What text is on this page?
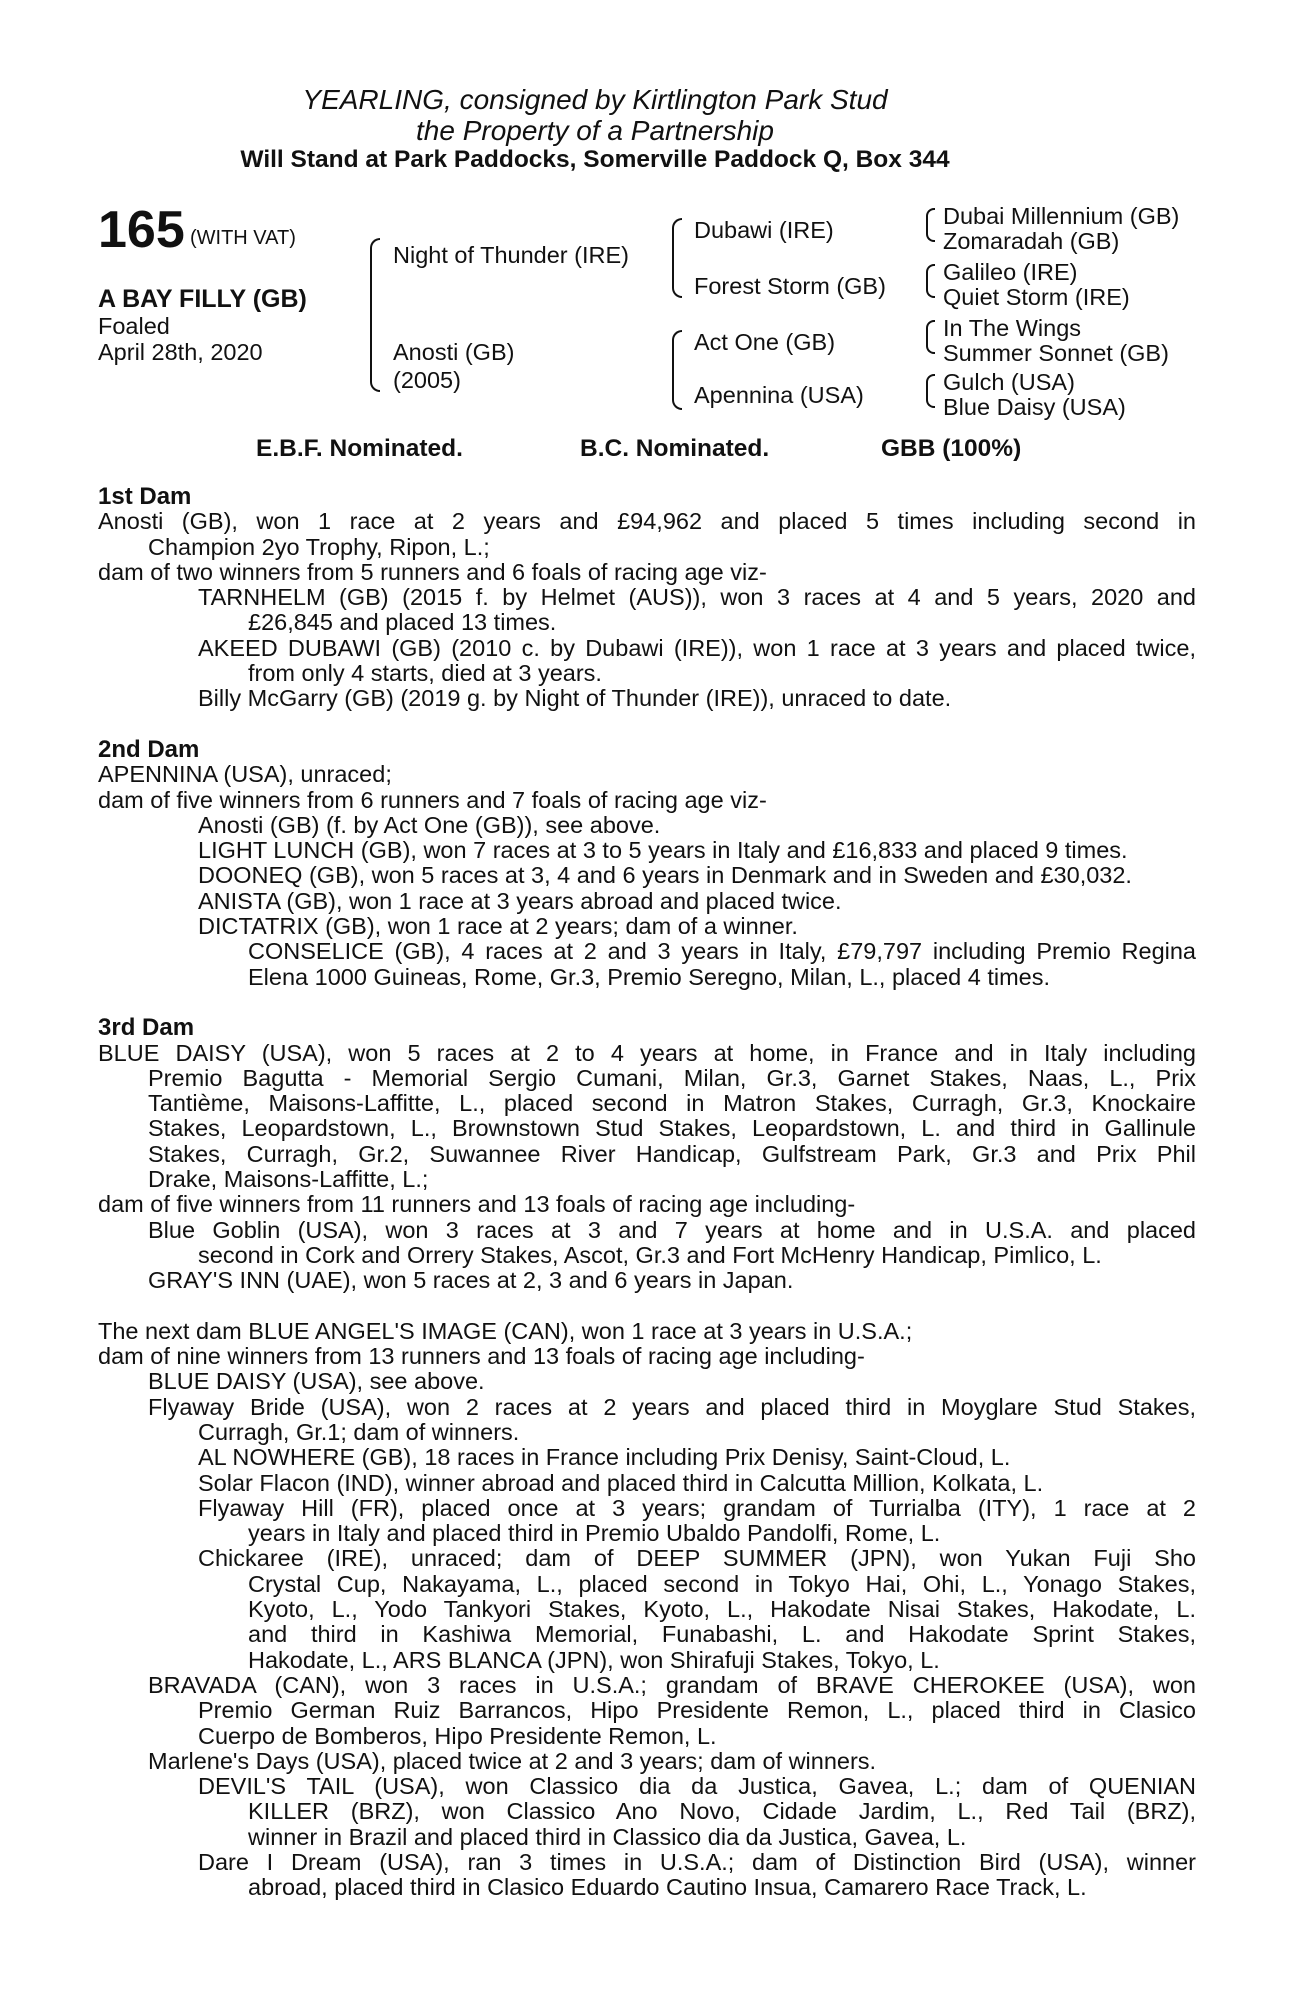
YEARLING, consigned by Kirtlington Park Stud
the Property of a Partnership
Will Stand at Park Paddocks, Somerville Paddock Q, Box 344
165 (WITH VAT)
A BAY FILLY (GB)
Foaled
April 28th, 2020
Night of Thunder (IRE)
Anosti (GB)
(2005)
Dubawi (IRE)
Forest Storm (GB)
Act One (GB)
Apennina (USA)
Dubai Millennium (GB)
Zomaradah (GB)
Galileo (IRE)
Quiet Storm (IRE)
In The Wings
Summer Sonnet (GB)
Gulch (USA)
Blue Daisy (USA)
E.B.F. Nominated.	B.C. Nominated.	GBB (100%)
1st Dam
Anosti (GB), won 1 race at 2 years and £94,962 and placed 5 times including second in
Champion 2yo Trophy, Ripon, L.;
dam of two winners from 5 runners and 6 foals of racing age viz-
TARNHELM (GB) (2015 f. by Helmet (AUS)), won 3 races at 4 and 5 years, 2020 and
£26,845 and placed 13 times.
AKEED DUBAWI (GB) (2010 c. by Dubawi (IRE)), won 1 race at 3 years and placed twice,
from only 4 starts, died at 3 years.
Billy McGarry (GB) (2019 g. by Night of Thunder (IRE)), unraced to date.
2nd Dam
APENNINA (USA), unraced;
dam of five winners from 6 runners and 7 foals of racing age viz-
Anosti (GB) (f. by Act One (GB)), see above.
LIGHT LUNCH (GB), won 7 races at 3 to 5 years in Italy and £16,833 and placed 9 times.
DOONEQ (GB), won 5 races at 3, 4 and 6 years in Denmark and in Sweden and £30,032.
ANISTA (GB), won 1 race at 3 years abroad and placed twice.
DICTATRIX (GB), won 1 race at 2 years; dam of a winner.
CONSELICE (GB), 4 races at 2 and 3 years in Italy, £79,797 including Premio Regina
Elena 1000 Guineas, Rome, Gr.3, Premio Seregno, Milan, L., placed 4 times.
3rd Dam
BLUE DAISY (USA), won 5 races at 2 to 4 years at home, in France and in Italy including
Premio Bagutta - Memorial Sergio Cumani, Milan, Gr.3, Garnet Stakes, Naas, L., Prix
Tantième, Maisons-Laffitte, L., placed second in Matron Stakes, Curragh, Gr.3, Knockaire
Stakes, Leopardstown, L., Brownstown Stud Stakes, Leopardstown, L. and third in Gallinule
Stakes, Curragh, Gr.2, Suwannee River Handicap, Gulfstream Park, Gr.3 and Prix Phil
Drake, Maisons-Laffitte, L.;
dam of five winners from 11 runners and 13 foals of racing age including-
Blue Goblin (USA), won 3 races at 3 and 7 years at home and in U.S.A. and placed
second in Cork and Orrery Stakes, Ascot, Gr.3 and Fort McHenry Handicap, Pimlico, L.
GRAY'S INN (UAE), won 5 races at 2, 3 and 6 years in Japan.
The next dam BLUE ANGEL'S IMAGE (CAN), won 1 race at 3 years in U.S.A.;
dam of nine winners from 13 runners and 13 foals of racing age including-
BLUE DAISY (USA), see above.
Flyaway Bride (USA), won 2 races at 2 years and placed third in Moyglare Stud Stakes,
Curragh, Gr.1; dam of winners.
AL NOWHERE (GB), 18 races in France including Prix Denisy, Saint-Cloud, L.
Solar Flacon (IND), winner abroad and placed third in Calcutta Million, Kolkata, L.
Flyaway Hill (FR), placed once at 3 years; grandam of Turrialba (ITY), 1 race at 2
years in Italy and placed third in Premio Ubaldo Pandolfi, Rome, L.
Chickaree (IRE), unraced; dam of DEEP SUMMER (JPN), won Yukan Fuji Sho
Crystal Cup, Nakayama, L., placed second in Tokyo Hai, Ohi, L., Yonago Stakes,
Kyoto, L., Yodo Tankyori Stakes, Kyoto, L., Hakodate Nisai Stakes, Hakodate, L.
and third in Kashiwa Memorial, Funabashi, L. and Hakodate Sprint Stakes,
Hakodate, L., ARS BLANCA (JPN), won Shirafuji Stakes, Tokyo, L.
BRAVADA (CAN), won 3 races in U.S.A.; grandam of BRAVE CHEROKEE (USA), won
Premio German Ruiz Barrancos, Hipo Presidente Remon, L., placed third in Clasico
Cuerpo de Bomberos, Hipo Presidente Remon, L.
Marlene's Days (USA), placed twice at 2 and 3 years; dam of winners.
DEVIL'S TAIL (USA), won Classico dia da Justica, Gavea, L.; dam of QUENIAN
KILLER (BRZ), won Classico Ano Novo, Cidade Jardim, L., Red Tail (BRZ),
winner in Brazil and placed third in Classico dia da Justica, Gavea, L.
Dare I Dream (USA), ran 3 times in U.S.A.; dam of Distinction Bird (USA), winner
abroad, placed third in Clasico Eduardo Cautino Insua, Camarero Race Track, L.
